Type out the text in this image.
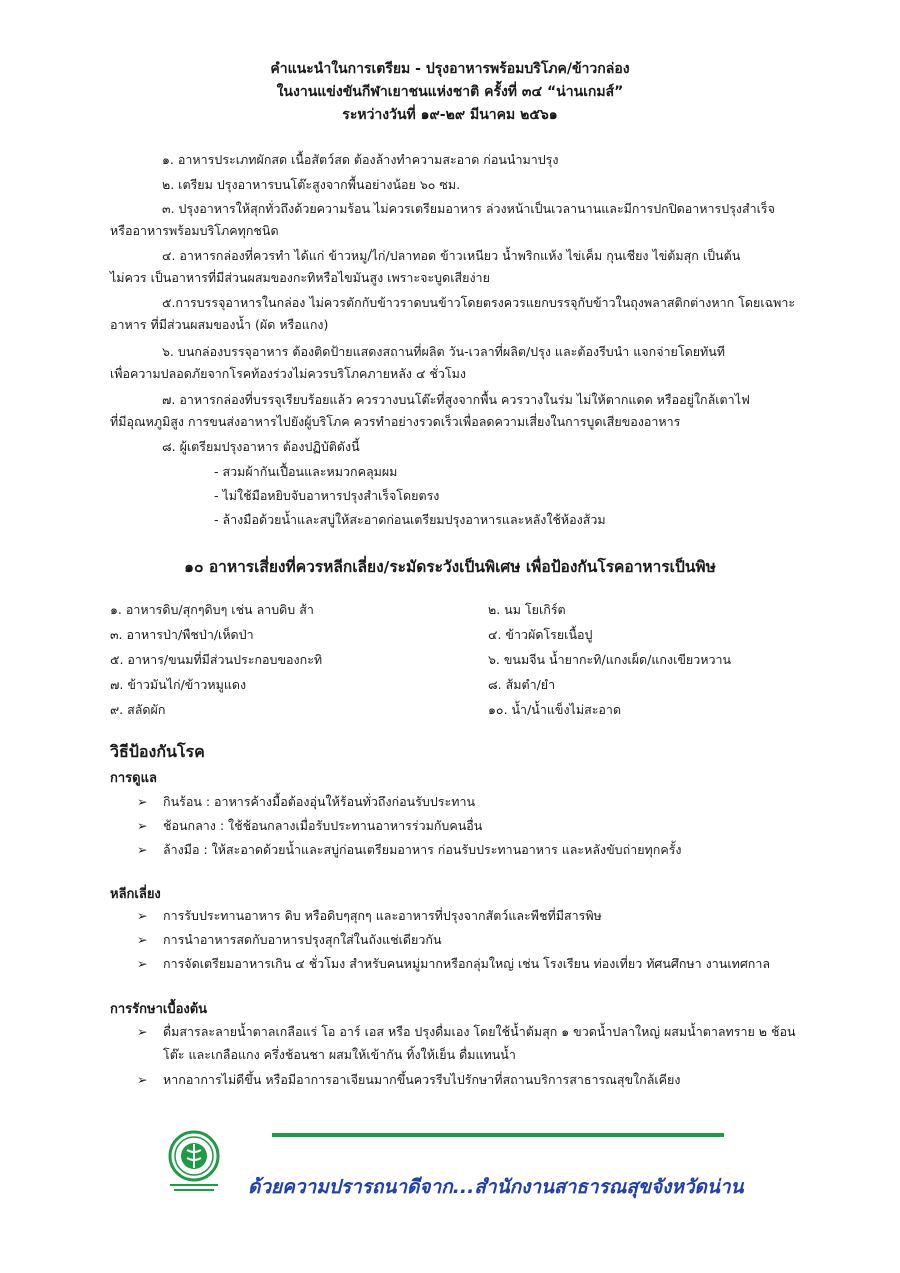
คำแนะนำในการเตรียม - ปรุงอาหารพร้อมบริโภค/ข้าวกล่อง
ในงานแข่งขันกีฬาเยาชนแห่งชาติ ครั้งที่ ๓๔ “น่านเกมส์”
ระหว่างวันที่ ๑๙-๒๙ มีนาคม ๒๕๖๑
๑. อาหารประเภทผักสด เนื้อสัตว์สด ต้องล้างทำความสะอาด ก่อนนำมาปรุง
๒. เตรียม ปรุงอาหารบนโต๊ะสูงจากพื้นอย่างน้อย ๖๐ ซม.
๓. ปรุงอาหารให้สุกทั่วถึงด้วยความร้อน ไม่ควรเตรียมอาหาร ล่วงหน้าเป็นเวลานานและมีการปกปิดอาหารปรุงสำเร็จ
หรืออาหารพร้อมบริโภคทุกชนิด
๔. อาหารกล่องที่ควรทำ ได้แก่ ข้าวหมู/ไก่/ปลาทอด ข้าวเหนียว น้ำพริกแห้ง ไข่เค็ม กุนเชียง ไข่ต้มสุก เป็นต้น
ไม่ควร เป็นอาหารที่มีส่วนผสมของกะทิหรือไขมันสูง เพราะจะบูดเสียง่าย
๕.การบรรจุอาหารในกล่อง ไม่ควรตักกับข้าวราดบนข้าวโดยตรงควรแยกบรรจุกับข้าวในถุงพลาสติกต่างหาก โดยเฉพาะ
อาหาร ที่มีส่วนผสมของน้ำ (ผัด หรือแกง)
๖. บนกล่องบรรจุอาหาร ต้องติดป้ายแสดงสถานที่ผลิต วัน-เวลาที่ผลิต/ปรุง และต้องรีบนำ แจกจ่ายโดยทันที
เพื่อความปลอดภัยจากโรคท้องร่วงไม่ควรบริโภคภายหลัง ๔ ชั่วโมง
๗. อาหารกล่องที่บรรจุเรียบร้อยแล้ว ควรวางบนโต๊ะที่สูงจากพื้น ควรวางในร่ม ไม่ให้ตากแดด หรืออยู่ใกล้เตาไฟ
ที่มีอุณหภูมิสูง การขนส่งอาหารไปยังผู้บริโภค ควรทำอย่างรวดเร็วเพื่อลดความเสี่ยงในการบูดเสียของอาหาร
๘. ผู้เตรียมปรุงอาหาร ต้องปฏิบัติดังนี้
- สวมผ้ากันเปื้อนและหมวกคลุมผม
- ไม่ใช้มือหยิบจับอาหารปรุงสำเร็จโดยตรง
- ล้างมือด้วยน้ำและสบู่ให้สะอาดก่อนเตรียมปรุงอาหารและหลังใช้ห้องส้วม
๑๐ อาหารเสี่ยงที่ควรหลีกเลี่ยง/ระมัดระวังเป็นพิเศษ เพื่อป้องกันโรคอาหารเป็นพิษ
๑. อาหารดิบ/สุกๆดิบๆ เช่น ลาบดิบ ส้า	๒. นม โยเกิร์ต
๓. อาหารป่า/พืชป่า/เห็ดป่า	๔. ข้าวผัดโรยเนื้อปู
๕. อาหาร/ขนมที่มีส่วนประกอบของกะทิ	๖. ขนมจีน น้ำยากะทิ/แกงเผ็ด/แกงเขียวหวาน
๗. ข้าวมันไก่/ข้าวหมูแดง	๘. ส้มตำ/ยำ
๙. สลัดผัก	๑๐. น้ำ/น้ำแข็งไม่สะอาด
วิธีป้องกันโรค
การดูแล
➢ กินร้อน : อาหารค้างมื้อต้องอุ่นให้ร้อนทั่วถึงก่อนรับประทาน
➢ ช้อนกลาง : ใช้ช้อนกลางเมื่อรับประทานอาหารร่วมกับคนอื่น
➢ ล้างมือ : ให้สะอาดด้วยน้ำและสบู่ก่อนเตรียมอาหาร ก่อนรับประทานอาหาร และหลังขับถ่ายทุกครั้ง
หลีกเลี่ยง
➢ การรับประทานอาหาร ดิบ หรือดิบๆสุกๆ และอาหารที่ปรุงจากสัตว์และพืชที่มีสารพิษ
➢ การนำอาหารสดกับอาหารปรุงสุกใส่ในถังแช่เดียวกัน
➢ การจัดเตรียมอาหารเกิน ๔ ชั่วโมง สำหรับคนหมู่มากหรือกลุ่มใหญ่ เช่น โรงเรียน ท่องเที่ยว ทัศนศึกษา งานเทศกาล
การรักษาเบื้องต้น
➢ ดื่มสารละลายน้ำตาลเกลือแร่ โอ อาร์ เอส หรือ ปรุงดื่มเอง โดยใช้น้ำต้มสุก ๑ ขวดน้ำปลาใหญ่ ผสมน้ำตาลทราย ๒ ช้อน
โต๊ะ และเกลือแกง ครึ่งช้อนชา ผสมให้เข้ากัน ทิ้งให้เย็น ดื่มแทนน้ำ
➢ หากอาการไม่ดีขึ้น หรือมีอาการอาเจียนมากขึ้นควรรีบไปรักษาที่สถานบริการสาธารณสุขใกล้เคียง
ด้วยความปรารถนาดีจาก...สำนักงานสาธารณสุขจังหวัดน่าน
